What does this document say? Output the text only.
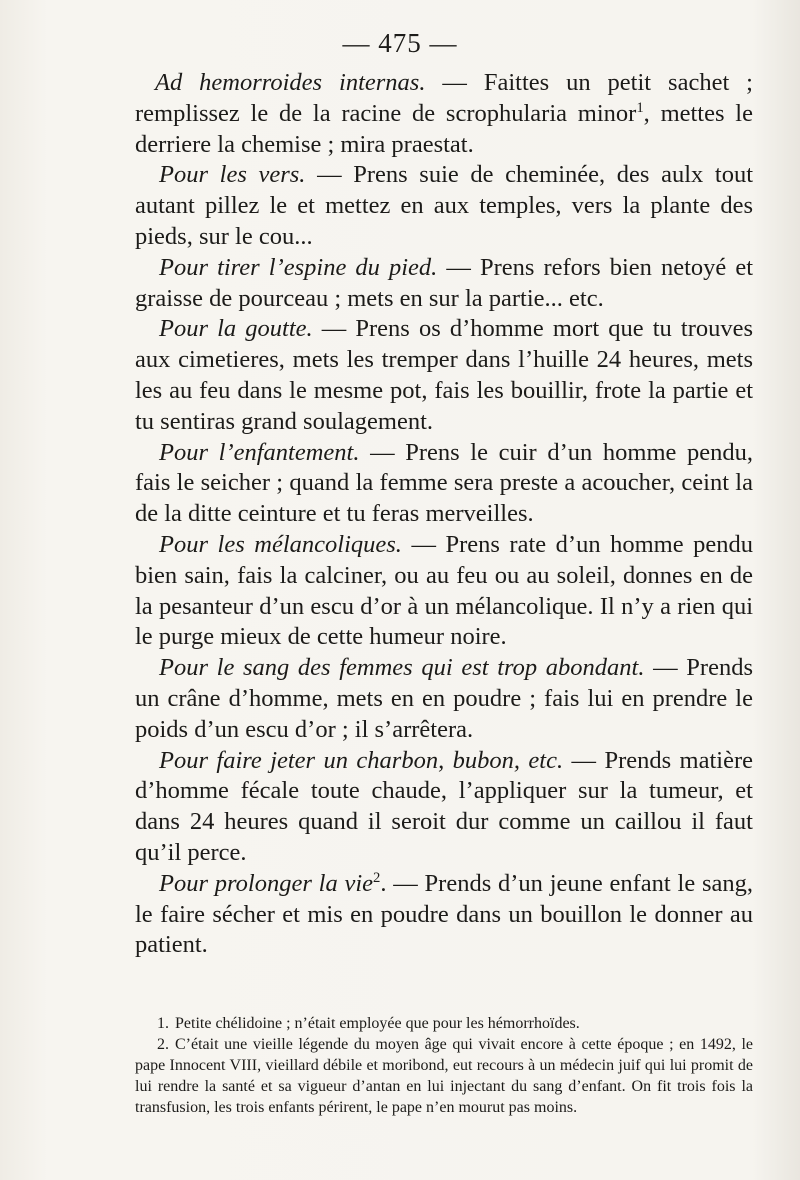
— 475 —

Ad hemorroides internas. — Faittes un petit sachet ; remplissez le de la racine de scrophularia minor$^1$, mettes le derriere la chemise ; mira praestat.

Pour les vers. — Prens suie de cheminée, des aulx tout autant pillez le et mettez en aux temples, vers la plante des pieds, sur le cou...

Pour tirer l’espine du pied. — Prens refors bien netoyé et graisse de pourceau ; mets en sur la partie... etc.

Pour la goutte. — Prens os d’homme mort que tu trouves aux cimetieres, mets les tremper dans l’huille 24 heures, mets les au feu dans le mesme pot, fais les bouillir, frote la partie et tu sentiras grand soulagement.

Pour l’enfantement. — Prens le cuir d’un homme pendu, fais le seicher ; quand la femme sera preste a acoucher, ceint la de la ditte ceinture et tu feras merveilles.

Pour les mélancoliques. — Prens rate d’un homme pendu bien sain, fais la calciner, ou au feu ou au soleil, donnes en de la pesanteur d’un escu d’or à un mélancolique. Il n’y a rien qui le purge mieux de cette humeur noire.

Pour le sang des femmes qui est trop abondant. — Prends un crâne d’homme, mets en en poudre ; fais lui en prendre le poids d’un escu d’or ; il s’arrêtera.

Pour faire jeter un charbon, bubon, etc. — Prends matière d’homme fécale toute chaude, l’appliquer sur la tumeur, et dans 24 heures quand il seroit dur comme un caillou il faut qu’il perce.

Pour prolonger la vie$^2$. — Prends d’un jeune enfant le sang, le faire sécher et mis en poudre dans un bouillon le donner au patient.

1. Petite chélidoine ; n’était employée que pour les hémorrhoïdes.

2. C’était une vieille légende du moyen âge qui vivait encore à cette époque ; en 1492, le pape Innocent VIII, vieillard débile et moribond, eut recours à un médecin juif qui lui promit de lui rendre la santé et sa vigueur d’antan en lui injectant du sang d’enfant. On fit trois fois la transfusion, les trois enfants périrent, le pape n’en mourut pas moins.
